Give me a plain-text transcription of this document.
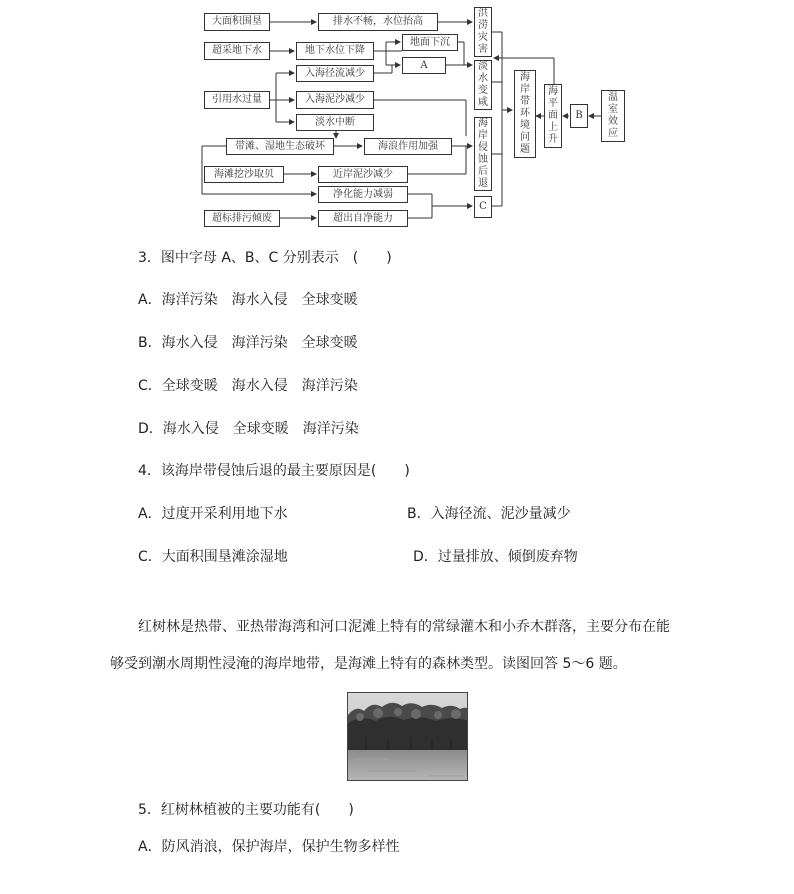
大面积围垦	排水不畅，水位抬高
超采地下水	地下水位下降
地面下沉
A
入海径流减少
引用水过量	入海泥沙减少
淡水中断
带滩、湿地生态破坏	海浪作用加强
海滩挖沙取贝	近岸泥沙减少
净化能力减弱
超标排污倾废	超出自净能力
洪涝灾害
淡水变咸
海岸侵蚀后退
C
海岸带环境问题
海平面上升
B
温室效应
3．图中字母 A、B、C 分别表示　(　　)
A．海洋污染　海水入侵　全球变暖
B．海水入侵　海洋污染　全球变暖
C．全球变暖　海水入侵　海洋污染
D．海水入侵　全球变暖　海洋污染
4．该海岸带侵蚀后退的最主要原因是(　　)
A．过度开采利用地下水	B．入海径流、泥沙量减少
C．大面积围垦滩涂湿地	D．过量排放、倾倒废弃物
红树林是热带、亚热带海湾和河口泥滩上特有的常绿灌木和小乔木群落，主要分布在能
够受到潮水周期性浸淹的海岸地带，是海滩上特有的森林类型。读图回答 5～6 题。
5．红树林植被的主要功能有(　　)
A．防风消浪，保护海岸，保护生物多样性
